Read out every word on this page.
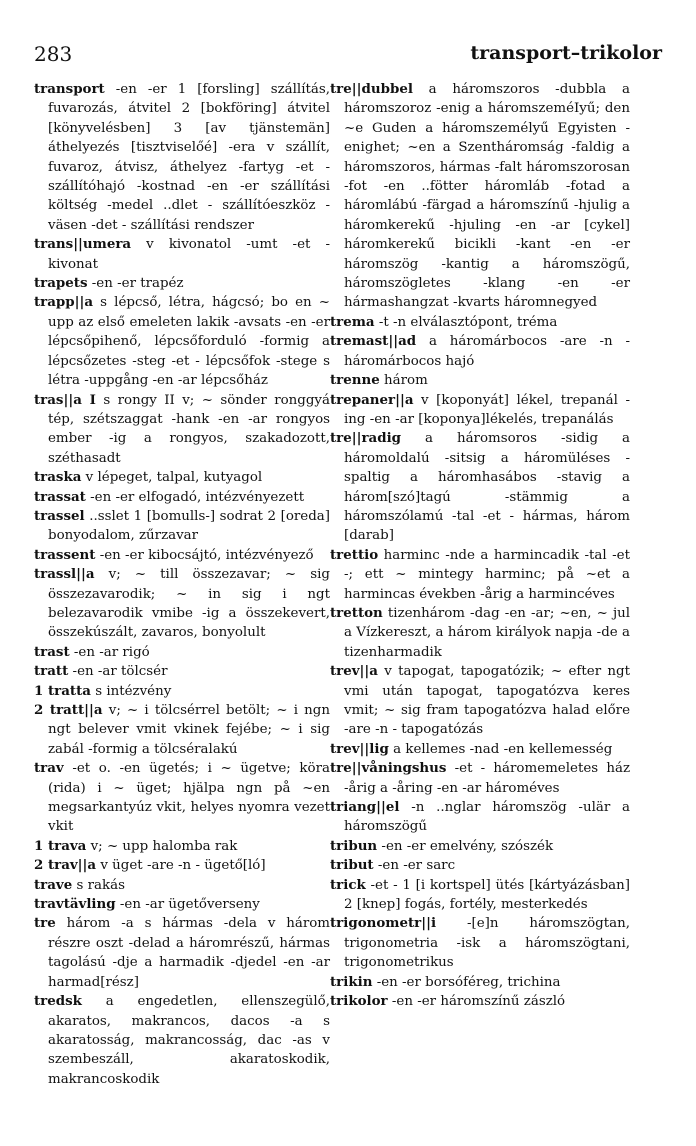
283	transport–trikolor

transport -en -er 1 [forsling] szállítás, fuvarozás, átvitel 2 [bokföring] átvitel [könyvelésben] 3 [av tjänstemän] áthelyezés [tisztviselőé] -era v szállít, fuvaroz, átvisz, áthelyez -fartyg -et - szállítóhajó -kostnad -en -er szállítási költség -medel ..dlet - szállítóeszköz -väsen -det - szállítási rendszer

trans||umera v kivonatol -umt -et - kivonat

trapets -en -er trapéz

trapp||a s lépcső, létra, hágcsó; bo en ~ upp az első emeleten lakik -avsats -en -er lépcsőpihenő, lépcsőforduló -formig a lépcsőzetes -steg -et - lépcsőfok -stege s létra -uppgång -en -ar lépcsőház

tras||a I s rongy II v; ~ sönder ronggyá tép, szétszaggat -hank -en -ar rongyos ember -ig a rongyos, szakadozott, széthasadt

traska v lépeget, talpal, kutyagol

trassat -en -er elfogadó, intézvényezett

trassel ..sslet 1 [bomulls-] sodrat 2 [oreda] bonyodalom, zűrzavar

trassent -en -er kibocsájtó, intézvényező

trassl||a v; ~ till összezavar; ~ sig összezavarodik; ~ in sig i ngt belezavarodik vmibe -ig a összekevert, összekúszált, zavaros, bonyolult

trast -en -ar rigó

tratt -en -ar tölcsér

1 tratta s intézvény

2 tratt||a v; ~ i tölcsérrel betölt; ~ i ngn ngt belever vmit vkinek fejébe; ~ i sig zabál -formig a tölcséralakú

trav -et o. -en ügetés; i ~ ügetve; köra (rida) i ~ üget; hjälpa ngn på ~en megsarkantyúz vkit, helyes nyomra vezet vkit

1 trava v; ~ upp halomba rak

2 trav||a v üget -are -n - ügető[ló]

trave s rakás

travtävling -en -ar ügetőverseny

tre három -a s hármas -dela v három részre oszt -delad a háromrészű, hármas tagolású -dje a harmadik -djedel -en -ar harmad[rész]

tredsk a engedetlen, ellenszegülő, akaratos, makrancos, dacos -a s akaratosság, makrancosság, dac -as v szembeszáll, akaratoskodik, makrancoskodik

tre||dubbel a háromszoros -dubbla a háromszoroz -enig a háromszeméIyű; den ~e Guden a háromszemélyű Egyisten -enighet; ~en a Szentháromság -faldig a háromszoros, hármas -falt háromszorosan -fot -en ..fötter háromláb -fotad a háromlábú -färgad a háromszínű -hjulig a háromkerekű -hjuling -en -ar [cykel] háromkerekű bicikli -kant -en -er háromszög -kantig a háromszögű, háromszögletes -klang -en -er hármashangzat -kvarts háromnegyed

trema -t -n elválasztópont, tréma

tremast||ad a háromárbocos -are -n - háromárbocos hajó

trenne három

trepaner||a v [koponyát] lékel, trepanál -ing -en -ar [koponya]lékelés, trepanálás

tre||radig a háromsoros -sidig a háromoldalú -sitsig a háromüléses -spaltig a háromhasábos -stavig a három[szó]tagú -stämmig a háromszólamú -tal -et - hármas, három [darab]

trettio harminc -nde a harmincadik -tal -et -; ett ~ mintegy harminc; på ~et a harmincas években -årig a harmincéves

tretton tizenhárom -dag -en -ar; ~en, ~ jul a Vízkereszt, a három királyok napja -de a tizenharmadik

trev||a v tapogat, tapogatózik; ~ efter ngt vmi után tapogat, tapogatózva keres vmit; ~ sig fram tapogatózva halad előre -are -n - tapogatózás

trev||lig a kellemes -nad -en kellemesség

tre||våningshus -et - háromemeletes ház -årig a -åring -en -ar hároméves

triang||el -n ..nglar háromszög -ulär a háromszögű

tribun -en -er emelvény, szószék

tribut -en -er sarc

trick -et - 1 [i kortspel] ütés [kártyázásban] 2 [knep] fogás, fortély, mesterkedés

trigonometr||i -[e]n háromszögtan, trigonometria -isk a háromszögtani, trigonometrikus

trikin -en -er borsóféreg, trichina

trikolor -en -er háromszínű zászló
